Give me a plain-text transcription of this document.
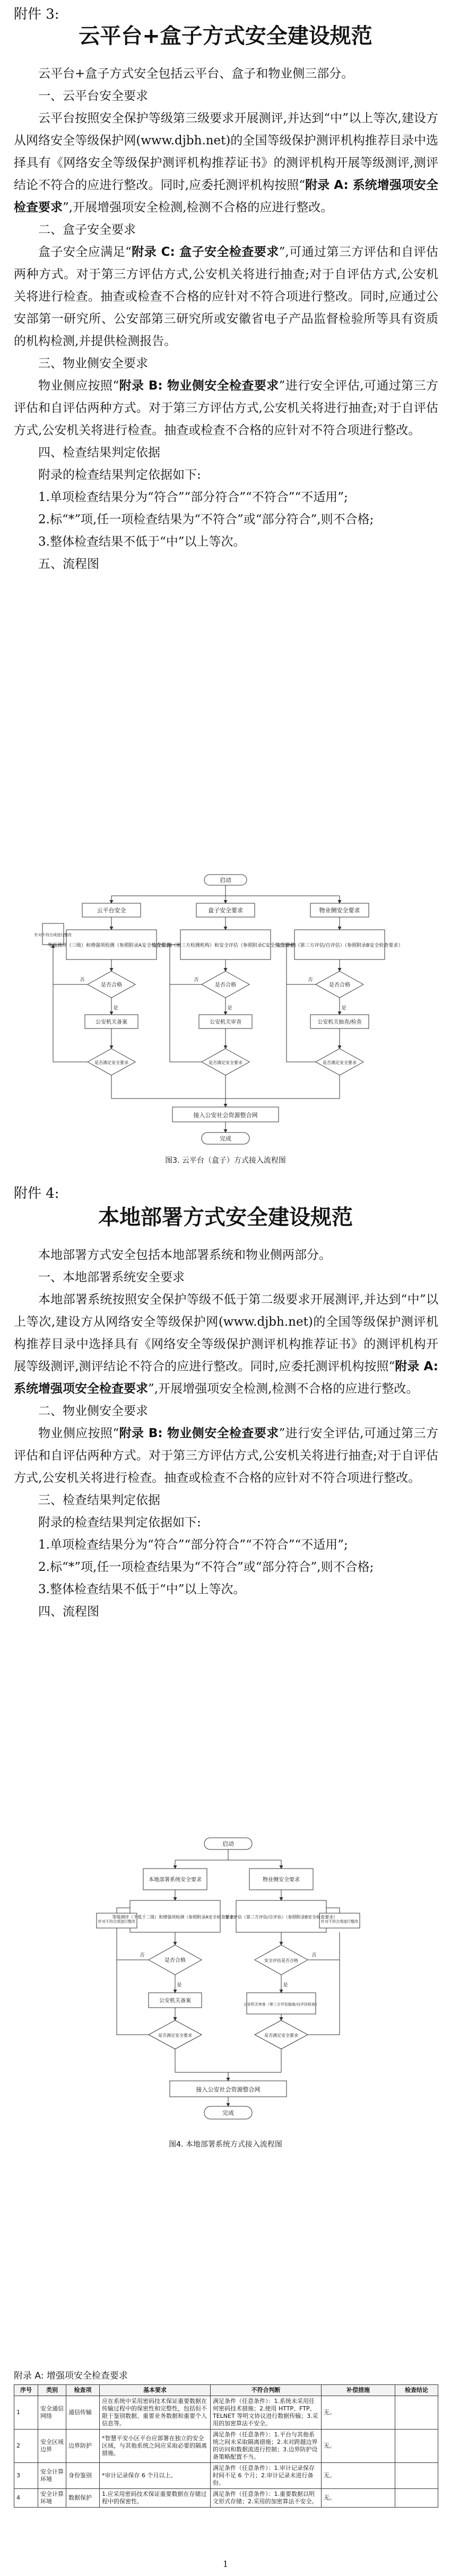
附件 3:
云平台+盒子方式安全建设规范

云平台+盒子方式安全包括云平台、盒子和物业侧三部分。

一、云平台安全要求

云平台按照安全保护等级第三级要求开展测评,并达到“中”以上等次,建设方从网络安全等级保护网(www.djbh.net)的全国等级保护测评机构推荐目录中选择具有《网络安全等级保护测评机构推荐证书》的测评机构开展等级测评,测评结论不符合的应进行整改。同时,应委托测评机构按照“附录 A: 系统增强项安全检查要求”,开展增强项安全检测,检测不合格的应进行整改。

二、盒子安全要求

盒子安全应满足“附录 C: 盒子安全检查要求”,可通过第三方评估和自评估两种方式。对于第三方评估方式,公安机关将进行抽查;对于自评估方式,公安机关将进行检查。抽查或检查不合格的应针对不符合项进行整改。同时,应通过公安部第一研究所、公安部第三研究所或安徽省电子产品监督检验所等具有资质的机构检测,并提供检测报告。

三、物业侧安全要求

物业侧应按照“附录 B: 物业侧安全检查要求”进行安全评估,可通过第三方评估和自评估两种方式。对于第三方评估方式,公安机关将进行抽查;对于自评估方式,公安机关将进行检查。抽查或检查不合格的应针对不符合项进行整改。

四、检查结果判定依据

附录的检查结果判定依据如下:

1.单项检查结果分为“符合”“部分符合”“不符合”“不适用”;

2.标“*”项,任一项检查结果为“不符合”或“部分符合”,则不合格;

3.整体检查结果不低于“中”以上等次。

五、流程图

启动
云平台安全	盒子安全要求	物业侧安全要求
等级测评（三级）和增强项检测（参照附录A安全检查要求）
安全检测（第三方检测机构）和安全评估（参照附录C安全检查要求）
安全评估（第三方评估/自评估）（参照附录B安全检查要求）
是否合格	是否合格	是否合格
公安机关备案	公安机关审查	公安机关抽查/检查
是否满足安全要求	是否满足安全要求	是否满足安全要求
接入公安社会资源整合网
完成
针对不符合项进行整改
是	是	是
否	否	否
图3. 云平台（盒子）方式接入流程图
附件 4:
本地部署方式安全建设规范

本地部署方式安全包括本地部署系统和物业侧两部分。

一、本地部署系统安全要求

本地部署系统按照安全保护等级不低于第二级要求开展测评,并达到“中”以上等次,建设方从网络安全等级保护网(www.djbh.net)的全国等级保护测评机构推荐目录中选择具有《网络安全等级保护测评机构推荐证书》的测评机构开展等级测评,测评结论不符合的应进行整改。同时,应委托测评机构按照“附录 A: 系统增强项安全检查要求”,开展增强项安全检测,检测不合格的应进行整改。

二、物业侧安全要求

物业侧应按照“附录 B: 物业侧安全检查要求”进行安全评估,可通过第三方评估和自评估两种方式。对于第三方评估方式,公安机关将进行抽查;对于自评估方式,公安机关将进行检查。抽查或检查不合格的应针对不符合项进行整改。

三、检查结果判定依据

附录的检查结果判定依据如下:

1.单项检查结果分为“符合”“部分符合”“不符合”“不适用”;

2.标“*”项,任一项检查结果为“不符合”或“部分符合”,则不合格;

3.整体检查结果不低于“中”以上等次。

四、流程图

启动
本地部署系统安全要求	物业侧安全要求
等级测评（不低于二级）和增强项检测（参照附录A安全检查要求）
安全评估（第三方评估/自评估）（参照附录B安全检查要求）
是否合格	安全评估是否合格
公安机关备案
公安机关审查（第三方评估抽查/自评估检查）
是否满足安全要求	是否满足安全要求
接入公安社会资源整合网
完成
针对不符合项进行整改	针对不符合项进行整改
是	是
否	否
图4. 本地部署系统方式接入流程图
附录 A: 增强项安全检查要求
序号	类别	检查项	基本要求	不符合判断	补偿措施	检查结论
1	安全通信网络	通信传输	应在系统中采用密码技术保证重要数据在传输过程中的保密性和完整性，包括但不限于鉴别数据、重要业务数据和重要个人信息等。	满足条件（任意条件）：1.系统未采用任何密码技术措施；2.使用 HTTP、FTP、TELNET 等明文协议进行数据传输；3.采用的加密算法不安全。	无。	
2	安全区域边界	边界防护	*智慧平安小区平台应部署在独立的安全区域，与其他系统之间应采取必要的隔离措施。	满足条件（任意条件）：1.平台与其他系统之间未采取隔离措施；2.未对跨越边界的访问和数据流进行控制；3.边界防护设备策略配置不当。	无。	
3	安全计算环境	身份鉴别	*审计记录保存 6 个月以上。	满足条件（任意条件）：1.审计记录保存时间不足 6 个月；2.审计记录未进行备份。	无。	
4	安全计算环境	数据保护	1.应采用密码技术保证重要数据在存储过程中的保密性。	满足条件（任意条件）：1.重要数据以明文形式存储；2.采用的加密算法不安全。	无。	
1
